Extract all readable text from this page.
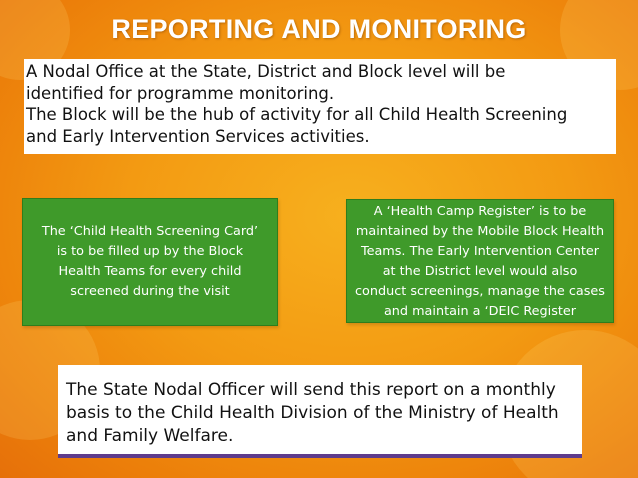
REPORTING AND MONITORING
A Nodal Office at the State, District and Block level will be
identified for programme monitoring.
The Block will be the hub of activity for all Child Health Screening
and Early Intervention Services activities.
The ‘Child Health Screening Card’
is to be filled up by the Block
Health Teams for every child
screened during the visit
A ‘Health Camp Register’ is to be
maintained by the Mobile Block Health
Teams. The Early Intervention Center
at the District level would also
conduct screenings, manage the cases
and maintain a ‘DEIC Register
The State Nodal Officer will send this report on a monthly
basis to the Child Health Division of the Ministry of Health
and Family Welfare.
